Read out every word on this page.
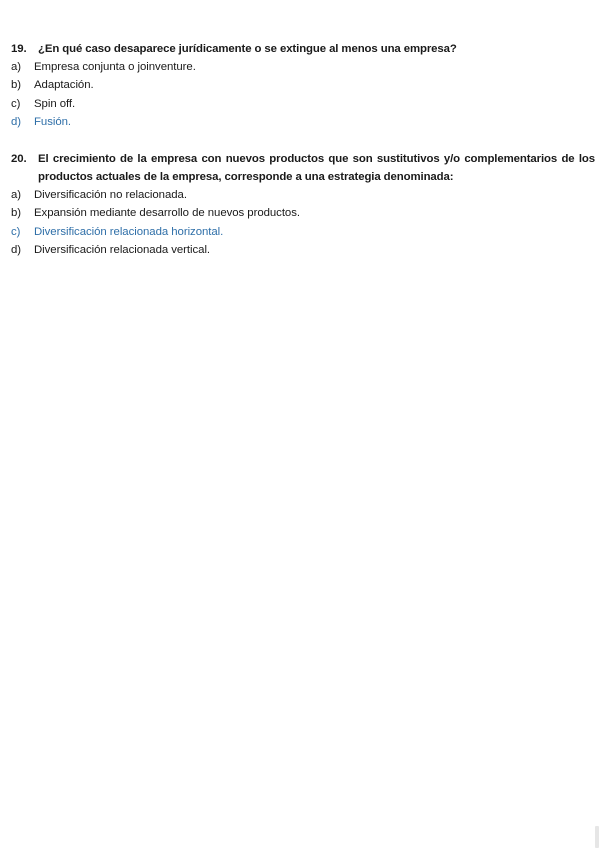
19.	¿En qué caso desaparece jurídicamente o se extingue al menos una empresa?
a)	Empresa conjunta o joinventure.
b)	Adaptación.
c)	Spin off.
d)	Fusión.
20.	El crecimiento de la empresa con nuevos productos que son sustitutivos y/o complementarios de los productos actuales de la empresa, corresponde a una estrategia denominada:
a)	Diversificación no relacionada.
b)	Expansión mediante desarrollo de nuevos productos.
c)	Diversificación relacionada horizontal.
d)	Diversificación relacionada vertical.
